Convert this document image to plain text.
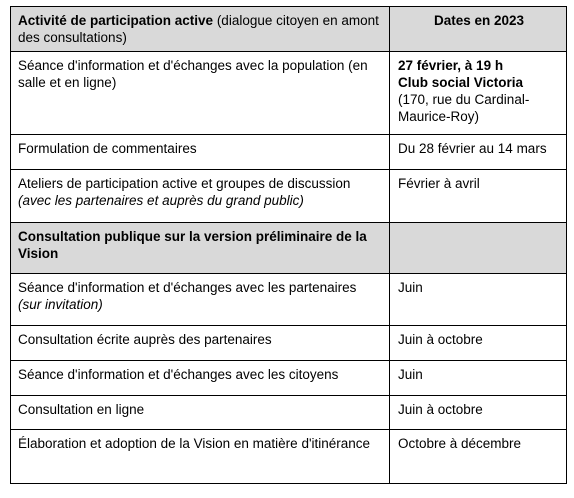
Activité de participation active (dialogue citoyen en amont des consultations)	Dates en 2023

Séance d'information et d'échanges avec la population (en salle et en ligne)	27 février, à 19 h
Club social Victoria
(170, rue du Cardinal-Maurice-Roy)
Formulation de commentaires	Du 28 février au 14 mars
Ateliers de participation active et groupes de discussion
(avec les partenaires et auprès du grand public)	Février à avril
Consultation publique sur la version préliminaire de la Vision	
Séance d'information et d'échanges avec les partenaires (sur invitation)	Juin
Consultation écrite auprès des partenaires	Juin à octobre
Séance d'information et d'échanges avec les citoyens	Juin
Consultation en ligne	Juin à octobre
Élaboration et adoption de la Vision en matière d'itinérance	Octobre à décembre
